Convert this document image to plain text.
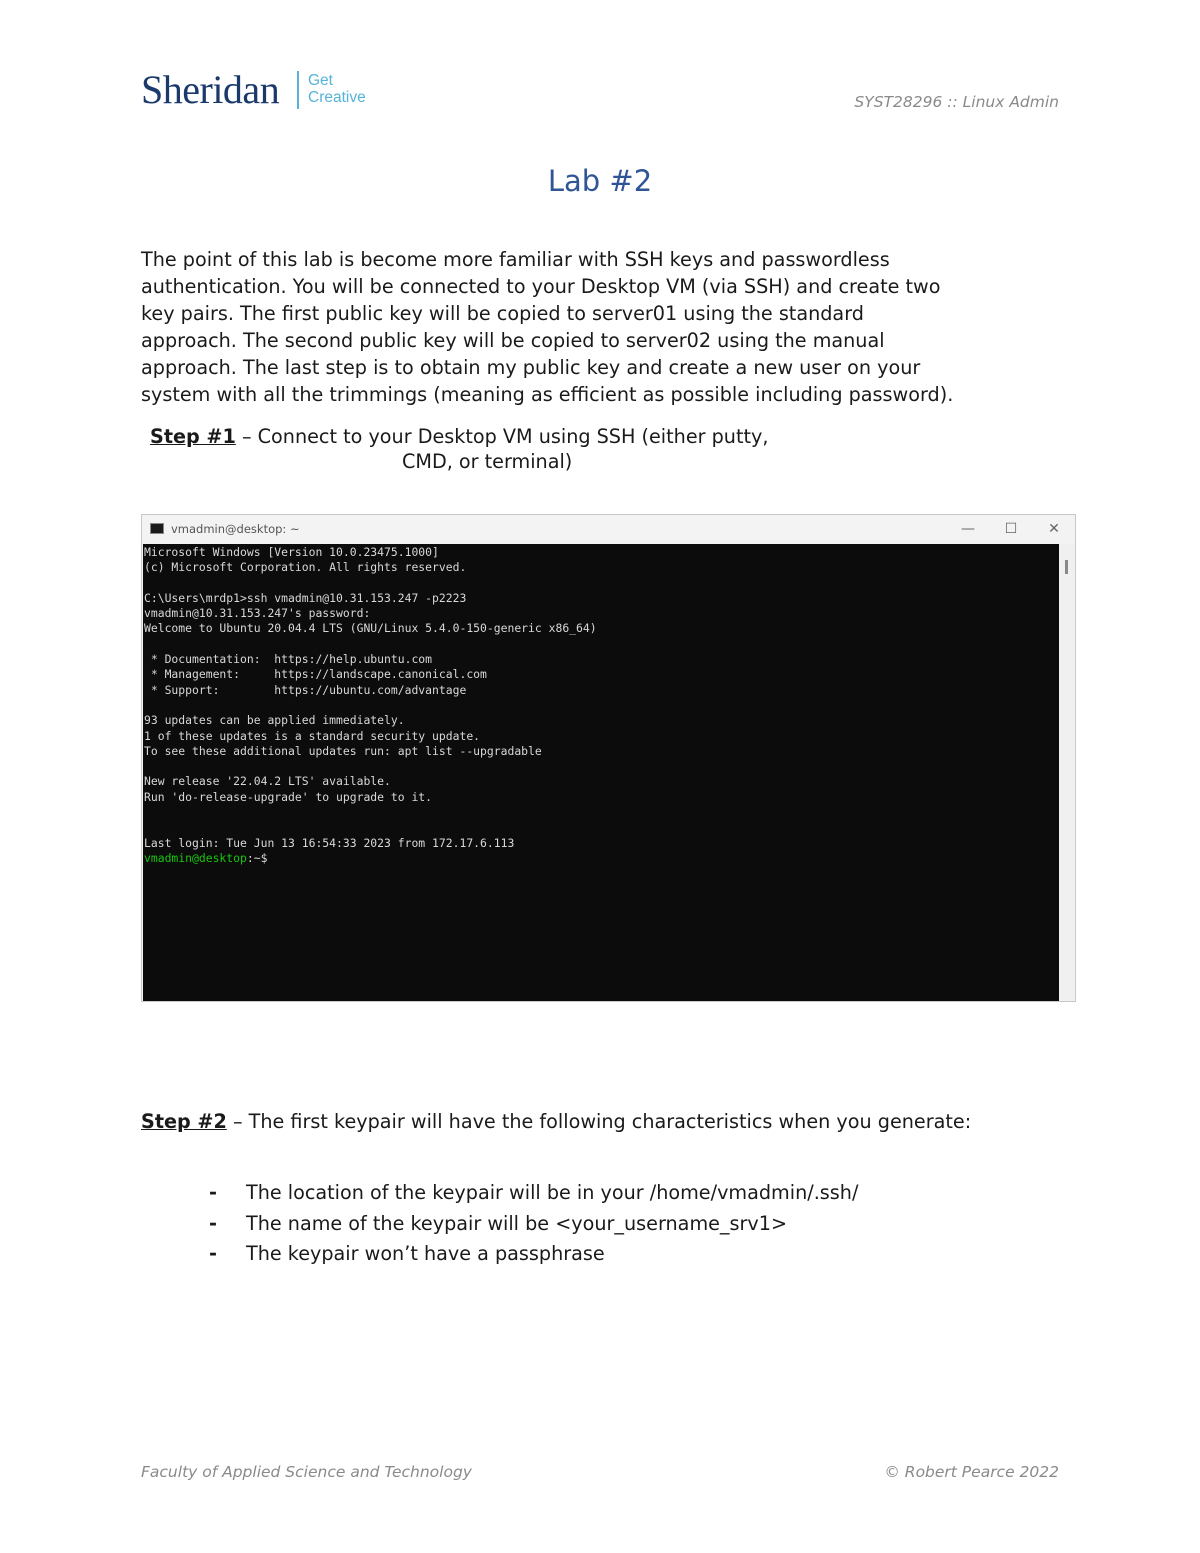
Sheridan Get
Creative	SYST28296 :: Linux Admin
Lab #2
The point of this lab is become more familiar with SSH keys and passwordless
authentication. You will be connected to your Desktop VM (via SSH) and create two
key pairs. The first public key will be copied to server01 using the standard
approach. The second public key will be copied to server02 using the manual
approach. The last step is to obtain my public key and create a new user on your
system with all the trimmings (meaning as efficient as possible including password).
Step #1 – Connect to your Desktop VM using SSH (either putty,
CMD, or terminal)
vmadmin@desktop: ~	—	☐	✕
Microsoft Windows [Version 10.0.23475.1000]
(c) Microsoft Corporation. All rights reserved.

C:\Users\mrdp1>ssh vmadmin@10.31.153.247 -p2223
vmadmin@10.31.153.247's password:
Welcome to Ubuntu 20.04.4 LTS (GNU/Linux 5.4.0-150-generic x86_64)

* Documentation:  https://help.ubuntu.com
* Management:     https://landscape.canonical.com
* Support:        https://ubuntu.com/advantage

93 updates can be applied immediately.
1 of these updates is a standard security update.
To see these additional updates run: apt list --upgradable

New release '22.04.2 LTS' available.
Run 'do-release-upgrade' to upgrade to it.

Last login: Tue Jun 13 16:54:33 2023 from 172.17.6.113
vmadmin@desktop:~$
Step #2 – The first keypair will have the following characteristics when you generate:
- The location of the keypair will be in your /home/vmadmin/.ssh/
- The name of the keypair will be <your_username_srv1>
- The keypair won’t have a passphrase
Faculty of Applied Science and Technology	© Robert Pearce 2022
